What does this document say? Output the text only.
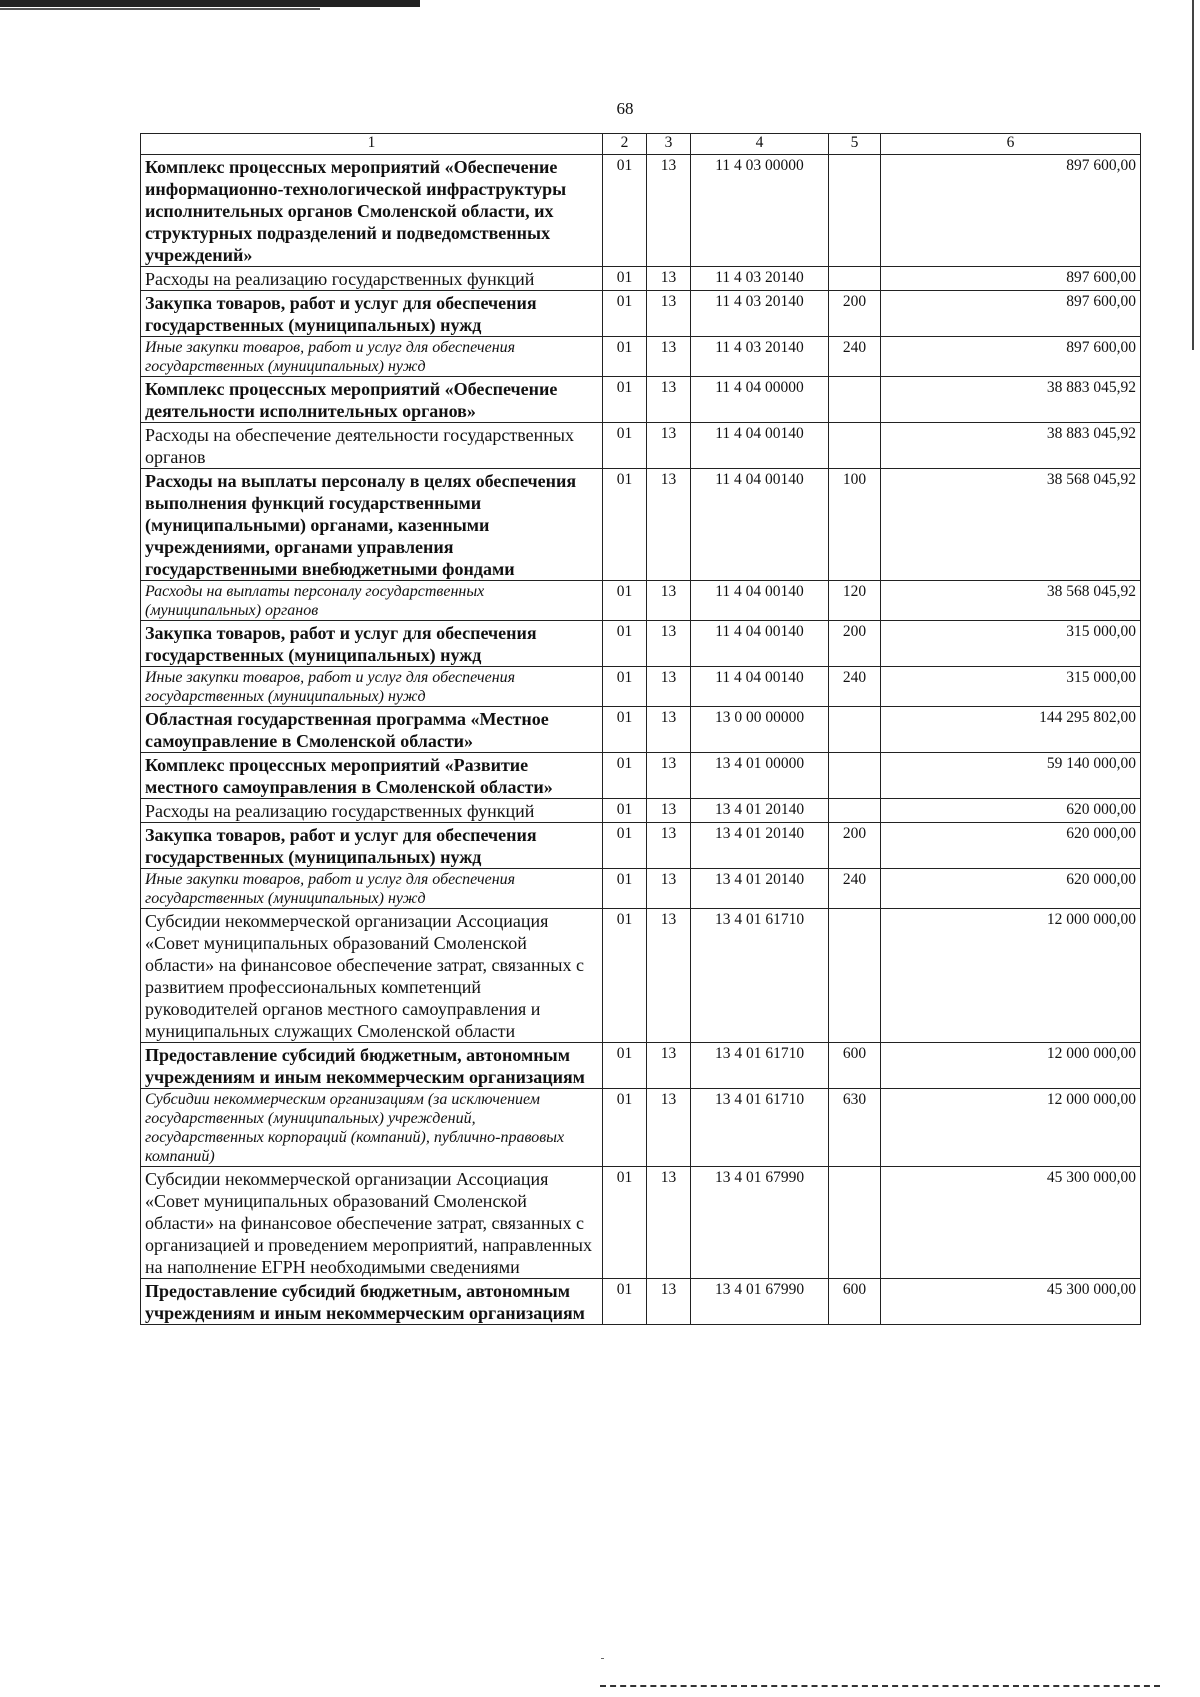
68
1	2	3	4	5	6
Комплекс процессных мероприятий «Обеспечение информационно-технологической инфраструктуры исполнительных органов Смоленской области, их структурных подразделений и подведомственных учреждений»	01	13	11 4 03 00000		897 600,00
Расходы на реализацию государственных функций	01	13	11 4 03 20140		897 600,00
Закупка товаров, работ и услуг для обеспечения государственных (муниципальных) нужд	01	13	11 4 03 20140	200	897 600,00
Иные закупки товаров, работ и услуг для обеспечения государственных (муниципальных) нужд	01	13	11 4 03 20140	240	897 600,00
Комплекс процессных мероприятий «Обеспечение деятельности исполнительных органов»	01	13	11 4 04 00000		38 883 045,92
Расходы на обеспечение деятельности государственных органов	01	13	11 4 04 00140		38 883 045,92
Расходы на выплаты персоналу в целях обеспечения выполнения функций государственными (муниципальными) органами, казенными учреждениями, органами управления государственными внебюджетными фондами	01	13	11 4 04 00140	100	38 568 045,92
Расходы на выплаты персоналу государственных (муниципальных) органов	01	13	11 4 04 00140	120	38 568 045,92
Закупка товаров, работ и услуг для обеспечения государственных (муниципальных) нужд	01	13	11 4 04 00140	200	315 000,00
Иные закупки товаров, работ и услуг для обеспечения государственных (муниципальных) нужд	01	13	11 4 04 00140	240	315 000,00
Областная государственная программа «Местное самоуправление в Смоленской области»	01	13	13 0 00 00000		144 295 802,00
Комплекс процессных мероприятий «Развитие местного самоуправления в Смоленской области»	01	13	13 4 01 00000		59 140 000,00
Расходы на реализацию государственных функций	01	13	13 4 01 20140		620 000,00
Закупка товаров, работ и услуг для обеспечения государственных (муниципальных) нужд	01	13	13 4 01 20140	200	620 000,00
Иные закупки товаров, работ и услуг для обеспечения государственных (муниципальных) нужд	01	13	13 4 01 20140	240	620 000,00
Субсидии некоммерческой организации Ассоциация «Совет муниципальных образований Смоленской области» на финансовое обеспечение затрат, связанных с развитием профессиональных компетенций руководителей органов местного самоуправления и муниципальных служащих Смоленской области	01	13	13 4 01 61710		12 000 000,00
Предоставление субсидий бюджетным, автономным учреждениям и иным некоммерческим организациям	01	13	13 4 01 61710	600	12 000 000,00
Субсидии некоммерческим организациям (за исключением государственных (муниципальных) учреждений, государственных корпораций (компаний), публично-правовых компаний)	01	13	13 4 01 61710	630	12 000 000,00
Субсидии некоммерческой организации Ассоциация «Совет муниципальных образований Смоленской области» на финансовое обеспечение затрат, связанных с организацией и проведением мероприятий, направленных на наполнение ЕГРН необходимыми сведениями	01	13	13 4 01 67990		45 300 000,00
Предоставление субсидий бюджетным, автономным учреждениям и иным некоммерческим организациям	01	13	13 4 01 67990	600	45 300 000,00
